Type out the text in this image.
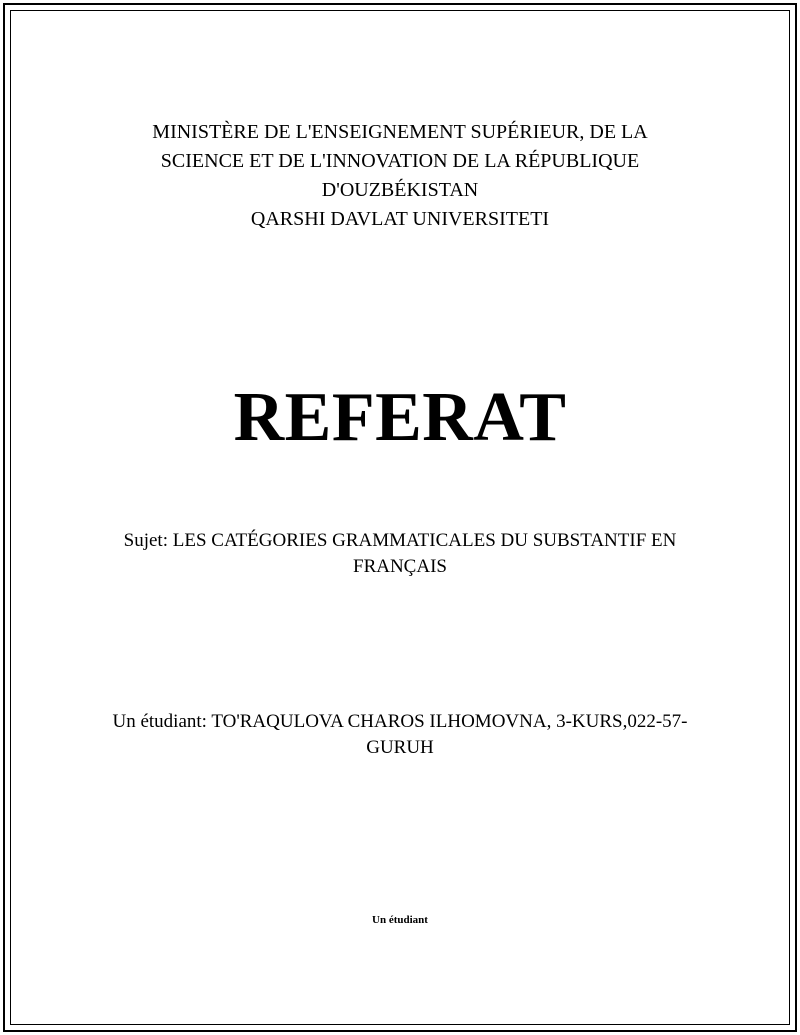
MINISTÈRE DE L'ENSEIGNEMENT SUPÉRIEUR, DE LA
SCIENCE ET DE L'INNOVATION DE LA RÉPUBLIQUE
D'OUZBÉKISTAN
QARSHI DAVLAT UNIVERSITETI
REFERAT
Sujet: LES CATÉGORIES GRAMMATICALES DU SUBSTANTIF EN
FRANÇAIS
Un étudiant: TO'RAQULOVA CHAROS ILHOMOVNA, 3-KURS,022-57-
GURUH
Un étudiant
